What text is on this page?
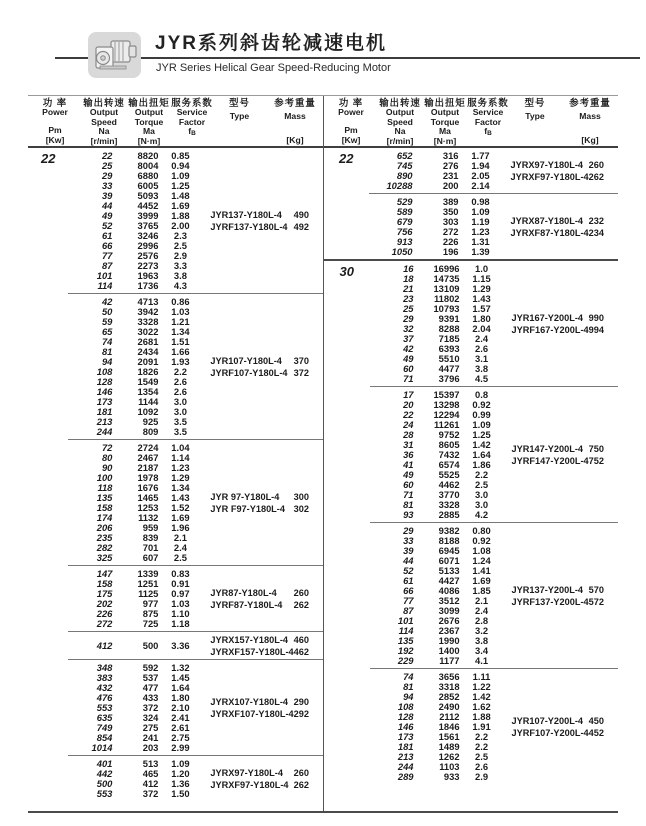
JYR系列斜齿轮减速电机
JYR Series Helical Gear Speed-Reducing Motor
功 率
Power
Pm
[Kw]
输出转速
Output
Speed
Na
[r/min]
输出扭矩
Output
Torque
Ma
[N·m]
服务系数
Service
Factor
fB
型号
Type
参考重量
Mass
[Kg]
22	22	8820	0.85
25	8004	0.94
29	6880	1.09
33	6005	1.25
39	5093	1.48
44	4452	1.69
49	3999	1.88
52	3765	2.00
61	3246	2.3
66	2996	2.5
77	2576	2.9
87	2273	3.3
101	1963	3.8
114	1736	4.3
JYR137-Y180L-4 490
JYRF137-Y180L-4 492
42	4713	0.86
50	3942	1.03
59	3328	1.21
65	3022	1.34
74	2681	1.51
81	2434	1.66
94	2091	1.93
108	1826	2.2
128	1549	2.6
146	1354	2.6
173	1144	3.0
181	1092	3.0
213	925	3.5
244	809	3.5
JYR107-Y180L-4 370
JYRF107-Y180L-4 372
72	2724	1.04
80	2467	1.14
90	2187	1.23
100	1978	1.29
118	1676	1.34
135	1465	1.43
158	1253	1.52
174	1132	1.69
206	959	1.96
235	839	2.1
282	701	2.4
325	607	2.5
JYR 97-Y180L-4 300
JYR F97-Y180L-4 302
147	1339	0.83
158	1251	0.91
175	1125	0.97
202	977	1.03
226	875	1.10
272	725	1.18
JYR87-Y180L-4 260
JYRF87-Y180L-4 262
412	500	3.36	JYRX157-Y180L-4 460
JYRXF157-Y180L-4 462
348	592	1.32
383	537	1.45
432	477	1.64
476	433	1.80
553	372	2.10
635	324	2.41
749	275	2.61
854	241	2.75
1014	203	2.99
JYRX107-Y180L-4 290
JYRXF107-Y180L-4 292
401	513	1.09
442	465	1.20
500	412	1.36
553	372	1.50
JYRX97-Y180L-4 260
JYRXF97-Y180L-4 262
功 率
Power
Pm
[Kw]
输出转速
Output
Speed
Na
[r/min]
输出扭矩
Output
Torque
Ma
[N·m]
服务系数
Service
Factor
fB
型号
Type
参考重量
Mass
[Kg]
22	652	316	1.77
745	276	1.94
890	231	2.05
10288	200	2.14
JYRX97-Y180L-4 260
JYRXF97-Y180L-4 262
529	389	0.98
589	350	1.09
679	303	1.19
756	272	1.23
913	226	1.31
1050	196	1.39
JYRX87-Y180L-4 232
JYRXF87-Y180L-4 234
30	16	16996	1.0
18	14735	1.15
21	13109	1.29
23	11802	1.43
25	10793	1.57
29	9391	1.80
32	8288	2.04
37	7185	2.4
42	6393	2.6
49	5510	3.1
60	4477	3.8
71	3796	4.5
JYR167-Y200L-4 990
JYRF167-Y200L-4 994
17	15397	0.8
20	13298	0.92
22	12294	0.99
24	11261	1.09
28	9752	1.25
31	8605	1.42
36	7432	1.64
41	6574	1.86
49	5525	2.2
60	4462	2.5
71	3770	3.0
81	3328	3.0
93	2885	4.2
JYR147-Y200L-4 750
JYRF147-Y200L-4 752
29	9382	0.80
33	8188	0.92
39	6945	1.08
44	6071	1.24
52	5133	1.41
61	4427	1.69
66	4086	1.85
77	3512	2.1
87	3099	2.4
101	2676	2.8
114	2367	3.2
135	1990	3.8
192	1400	3.4
229	1177	4.1
JYR137-Y200L-4 570
JYRF137-Y200L-4 572
74	3656	1.11
81	3318	1.22
94	2852	1.42
108	2490	1.62
128	2112	1.88
146	1846	1.91
173	1561	2.2
181	1489	2.2
213	1262	2.5
244	1103	2.6
289	933	2.9
JYR107-Y200L-4 450
JYRF107-Y200L-4 452
